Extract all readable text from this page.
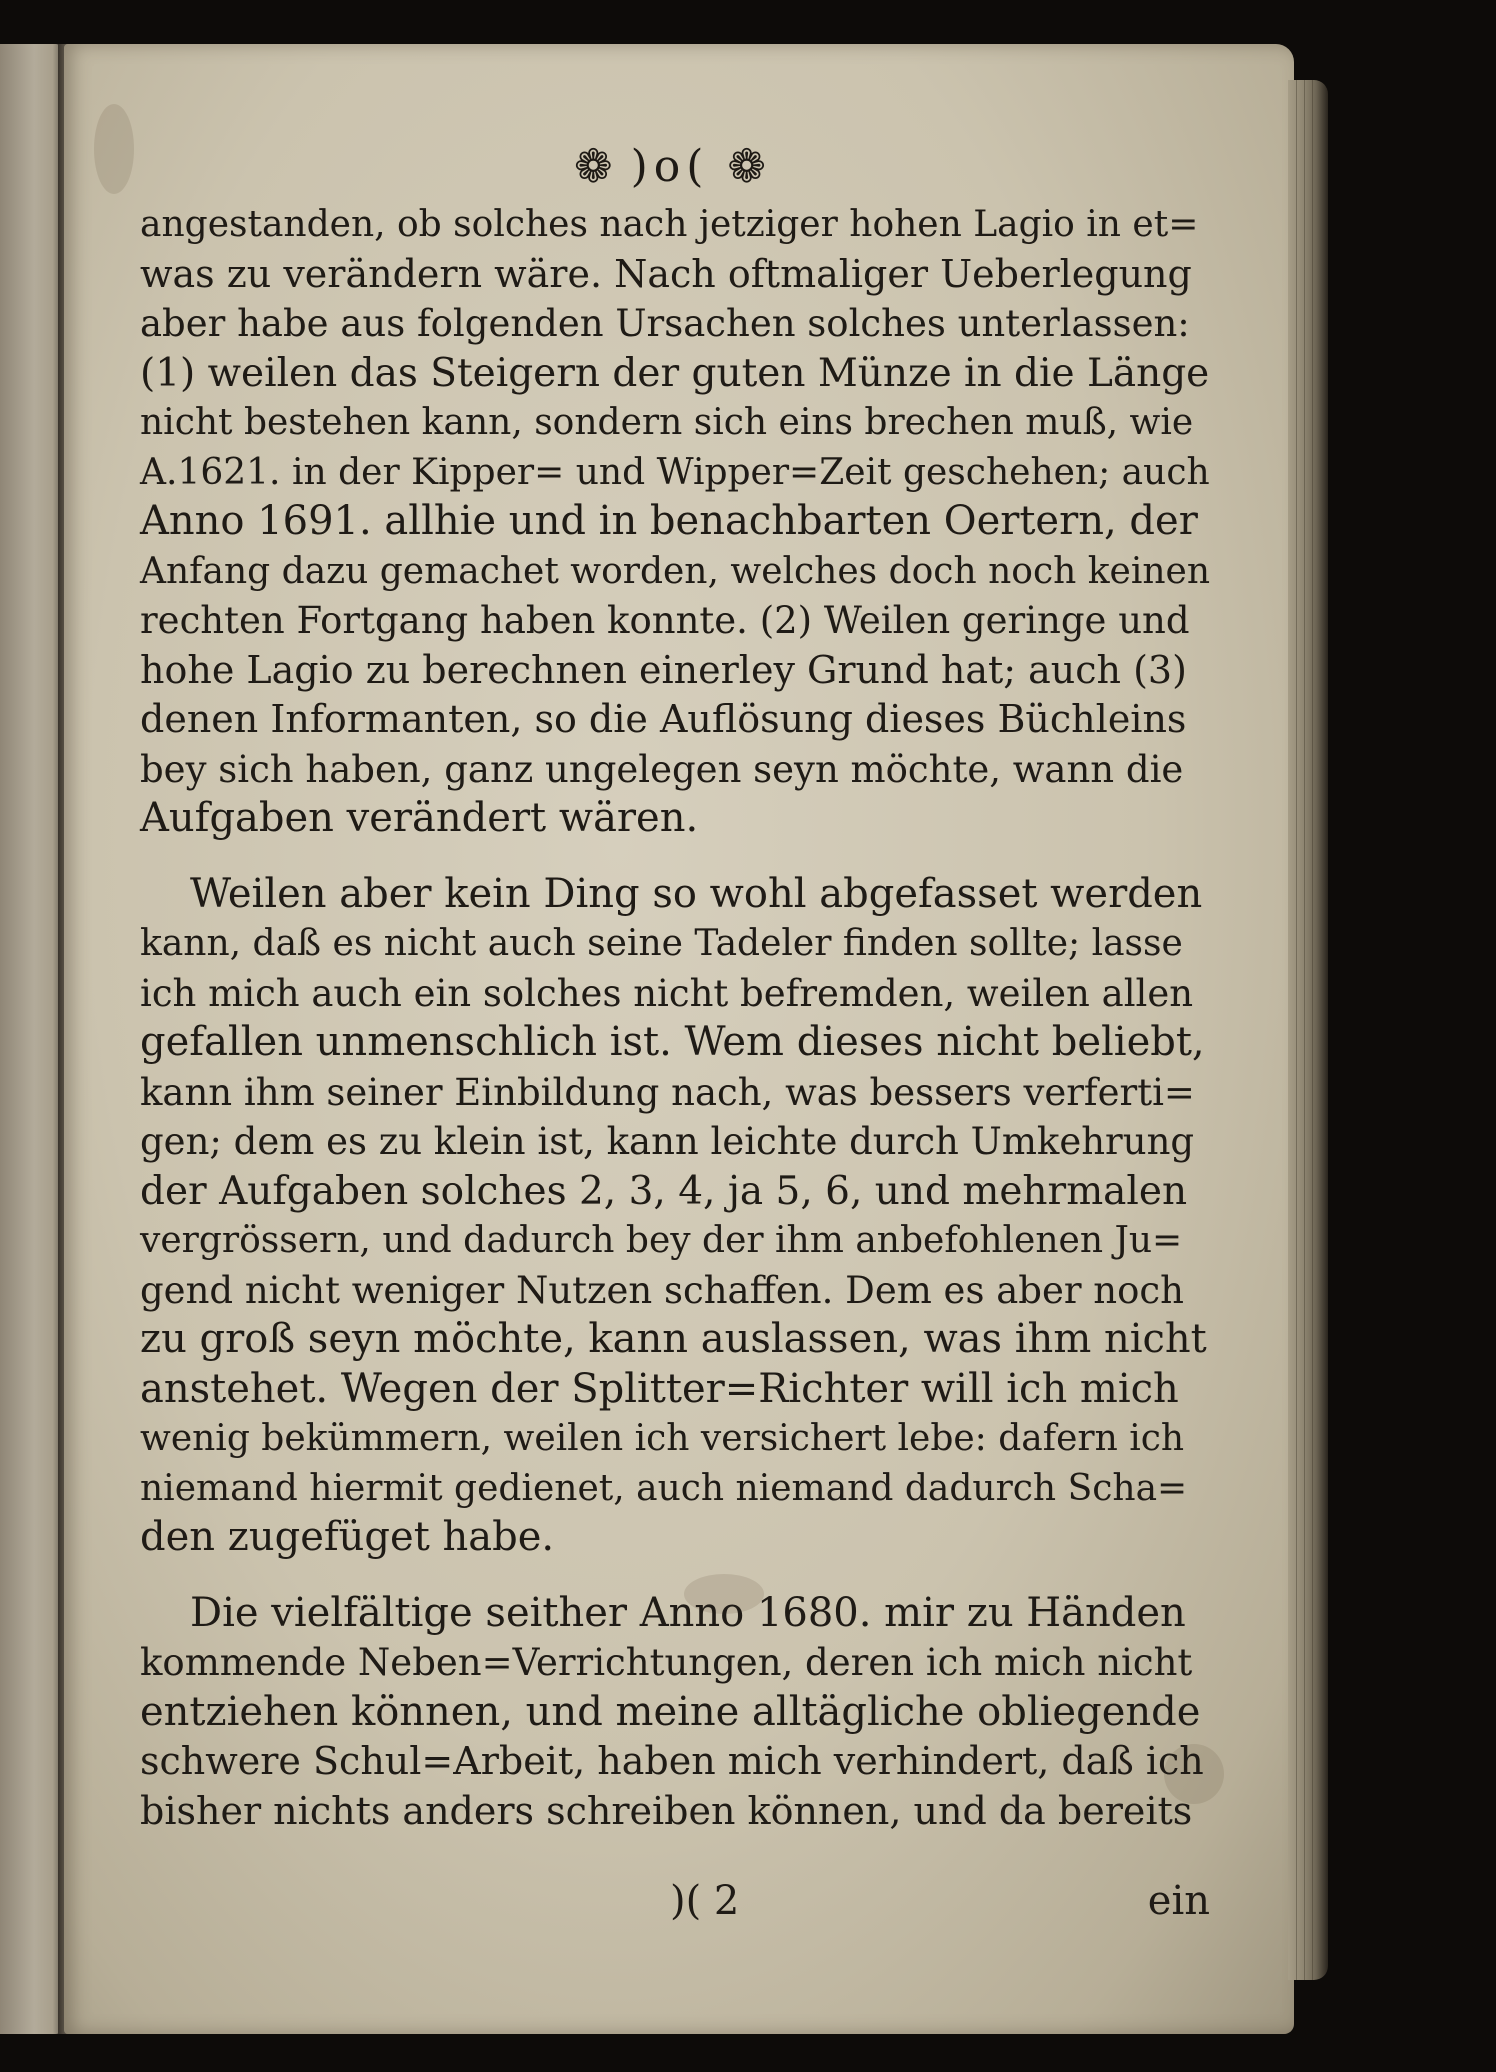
❁ )o( ❁
angestanden, ob solches nach jetziger hohen Lagio in et=
was zu verändern wäre. Nach oftmaliger Ueberlegung
aber habe aus folgenden Ursachen solches unterlassen:
(1) weilen das Steigern der guten Münze in die Länge
nicht bestehen kann, sondern sich eins brechen muß, wie
A.1621. in der Kipper= und Wipper=Zeit geschehen; auch
Anno 1691. allhie und in benachbarten Oertern, der
Anfang dazu gemachet worden, welches doch noch keinen
rechten Fortgang haben konnte. (2) Weilen geringe und
hohe Lagio zu berechnen einerley Grund hat; auch (3)
denen Informanten, so die Auflösung dieses Büchleins
bey sich haben, ganz ungelegen seyn möchte, wann die
Aufgaben verändert wären.
Weilen aber kein Ding so wohl abgefasset werden
kann, daß es nicht auch seine Tadeler finden sollte; lasse
ich mich auch ein solches nicht befremden, weilen allen
gefallen unmenschlich ist. Wem dieses nicht beliebt,
kann ihm seiner Einbildung nach, was bessers verferti=
gen; dem es zu klein ist, kann leichte durch Umkehrung
der Aufgaben solches 2, 3, 4, ja 5, 6, und mehrmalen
vergrössern, und dadurch bey der ihm anbefohlenen Ju=
gend nicht weniger Nutzen schaffen. Dem es aber noch
zu groß seyn möchte, kann auslassen, was ihm nicht
anstehet. Wegen der Splitter=Richter will ich mich
wenig bekümmern, weilen ich versichert lebe: dafern ich
niemand hiermit gedienet, auch niemand dadurch Scha=
den zugefüget habe.
Die vielfältige seither Anno 1680. mir zu Händen
kommende Neben=Verrichtungen, deren ich mich nicht
entziehen können, und meine alltägliche obliegende
schwere Schul=Arbeit, haben mich verhindert, daß ich
bisher nichts anders schreiben können, und da bereits
)( 2	ein
